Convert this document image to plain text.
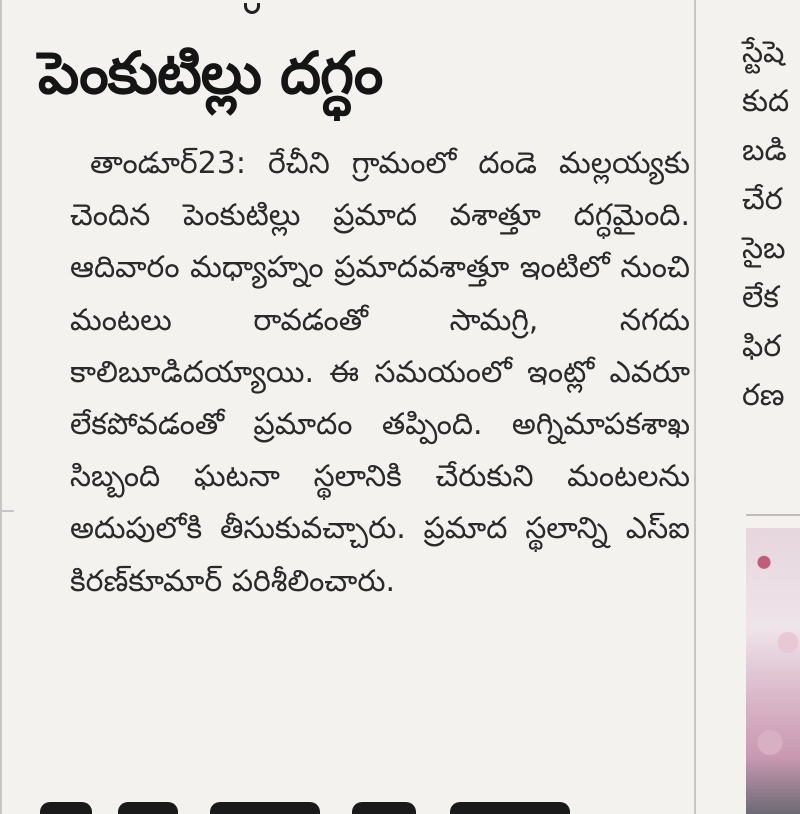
పెంకుటిల్లు దగ్ధం

తాండూర్23: రేచీని గ్రామంలో దండె మల్లయ్యకు చెందిన పెంకుటిల్లు ప్రమాద వశాత్తూ దగ్ధమైంది. ఆదివారం మధ్యాహ్నం ప్రమాదవశాత్తూ ఇంటిలో నుంచి మంటలు రావడంతో సామగ్రి, నగదు కాలిబూడిదయ్యాయి. ఈ సమయంలో ఇంట్లో ఎవరూ లేకపోవడంతో ప్రమాదం తప్పింది. అగ్నిమాపకశాఖ సిబ్బంది ఘటనా స్థలానికి చేరుకుని మంటలను అదుపులోకి తీసుకువచ్చారు. ప్రమాద స్థలాన్ని ఎస్‌ఐ కిరణ్‌కూమార్ పరిశీలించారు.

స్టేషె
కుద
బడి
చేర
సైబ
లేక
ఫిర
రణ
